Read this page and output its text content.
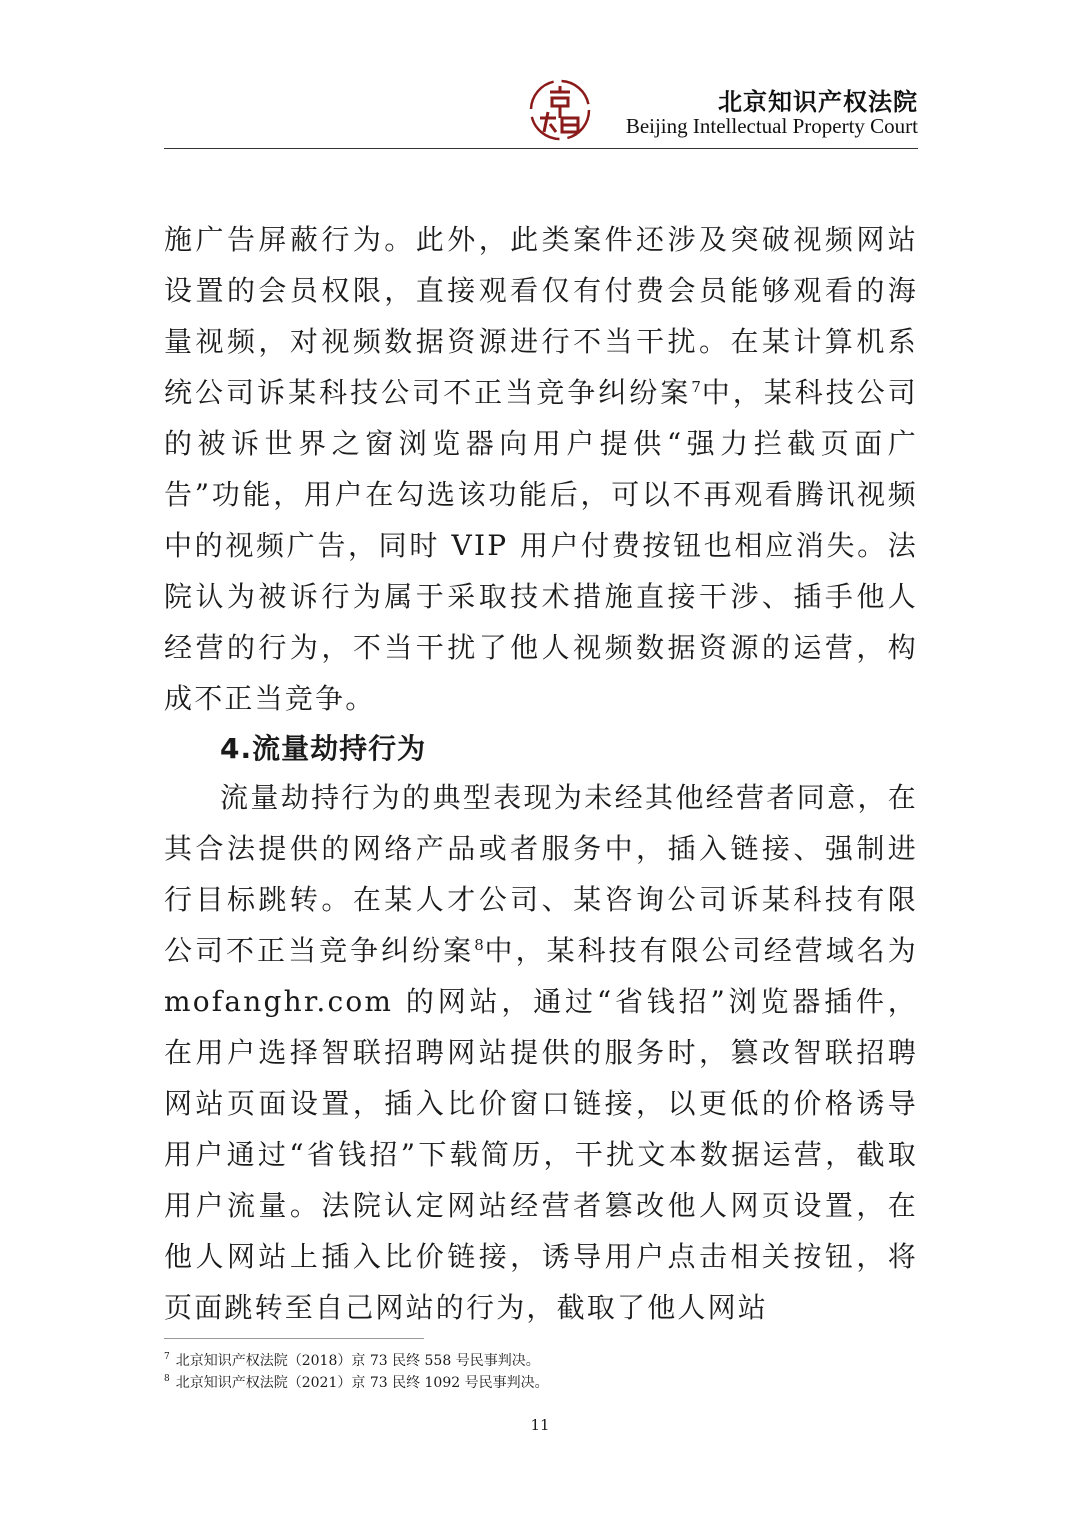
北京知识产权法院
Beijing Intellectual Property Court

施广告屏蔽行为。此外，此类案件还涉及突破视频网站设置的会员权限，直接观看仅有付费会员能够观看的海量视频，对视频数据资源进行不当干扰。在某计算机系统公司诉某科技公司不正当竞争纠纷案$^7$中，某科技公司的被诉世界之窗浏览器向用户提供“强力拦截页面广告”功能，用户在勾选该功能后，可以不再观看腾讯视频中的视频广告，同时 VIP 用户付费按钮也相应消失。法院认为被诉行为属于采取技术措施直接干涉、插手他人经营的行为，不当干扰了他人视频数据资源的运营，构成不正当竞争。

4.流量劫持行为

流量劫持行为的典型表现为未经其他经营者同意，在其合法提供的网络产品或者服务中，插入链接、强制进行目标跳转。在某人才公司、某咨询公司诉某科技有限公司不正当竞争纠纷案$^8$中，某科技有限公司经营域名为 mofanghr.com 的网站，通过“省钱招”浏览器插件，在用户选择智联招聘网站提供的服务时，篡改智联招聘网站页面设置，插入比价窗口链接，以更低的价格诱导用户通过“省钱招”下载简历，干扰文本数据运营，截取用户流量。法院认定网站经营者篡改他人网页设置，在他人网站上插入比价链接，诱导用户点击相关按钮，将页面跳转至自己网站的行为，截取了他人网站

$^7$ 北京知识产权法院（2018）京 73 民终 558 号民事判决。
$^8$ 北京知识产权法院（2021）京 73 民终 1092 号民事判决。
11
